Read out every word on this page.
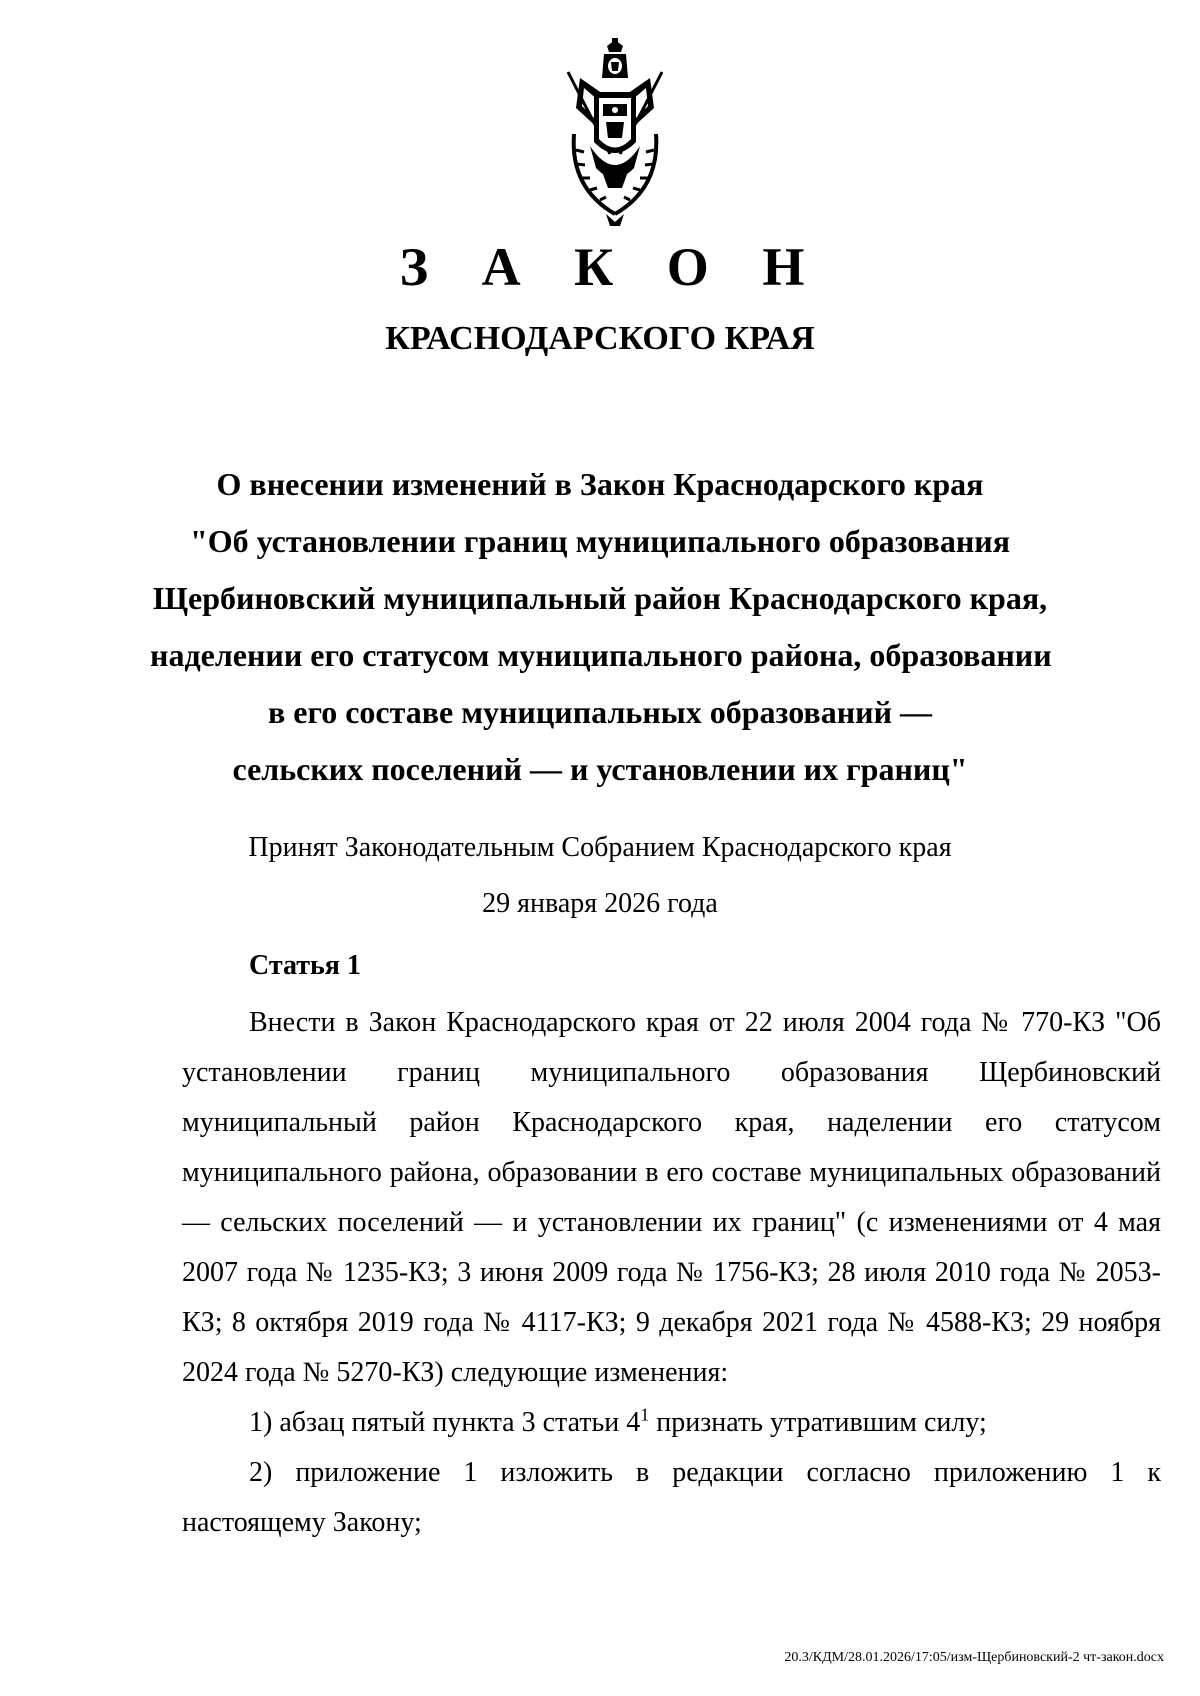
З А К О Н
КРАСНОДАРСКОГО КРАЯ
О внесении изменений в Закон Краснодарского края
"Об установлении границ муниципального образования
Щербиновский муниципальный район Краснодарского края,
наделении его статусом муниципального района, образовании
в его составе муниципальных образований —
сельских поселений — и установлении их границ"
Принят Законодательным Собранием Краснодарского края
29 января 2026 года
Статья 1

Внести в Закон Краснодарского края от 22 июля 2004 года № 770-КЗ "Об установлении границ муниципального образования Щербиновский муниципальный район Краснодарского края, наделении его статусом муниципального района, образовании в его составе муниципальных образований — сельских поселений — и установлении их границ" (с изменениями от 4 мая 2007 года № 1235-КЗ; 3 июня 2009 года № 1756-КЗ; 28 июля 2010 года № 2053-КЗ; 8 октября 2019 года № 4117-КЗ; 9 декабря 2021 года № 4588-КЗ; 29 ноября 2024 года № 5270-КЗ) следующие изменения:

1) абзац пятый пункта 3 статьи $4^1$ признать утратившим силу;

2) приложение 1 изложить в редакции согласно приложению 1 к настоящему Закону;

20.3/КДМ/28.01.2026/17:05/изм-Щербиновский-2 чт-закон.docx
